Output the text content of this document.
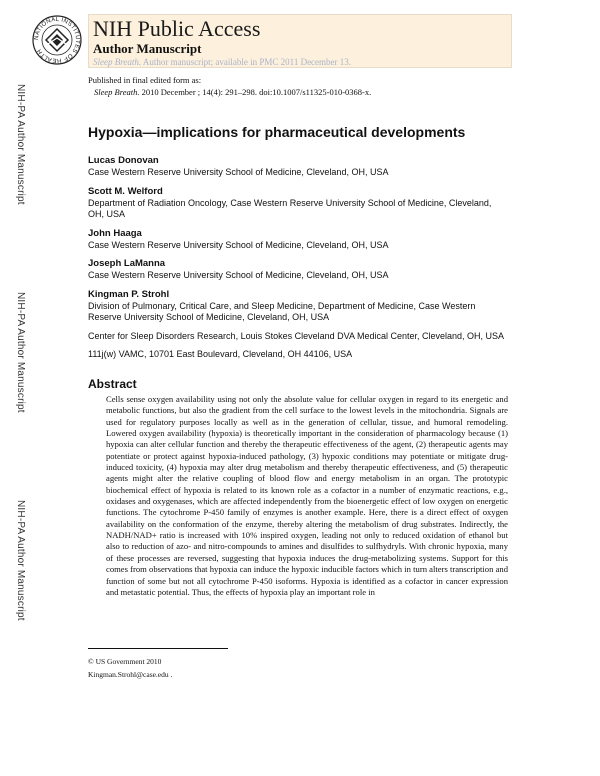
NATIONAL INSTITUTES OF HEALTH
NIH Public Access
Author Manuscript
Sleep Breath. Author manuscript; available in PMC 2011 December 13.
Published in final edited form as:
Sleep Breath. 2010 December ; 14(4): 291–298. doi:10.1007/s11325-010-0368-x.
NIH-PA Author Manuscript
NIH-PA Author Manuscript
NIH-PA Author Manuscript
Hypoxia—implications for pharmaceutical developments
Lucas Donovan
Case Western Reserve University School of Medicine, Cleveland, OH, USA
Scott M. Welford
Department of Radiation Oncology, Case Western Reserve University School of Medicine, Cleveland, OH, USA
John Haaga
Case Western Reserve University School of Medicine, Cleveland, OH, USA
Joseph LaManna
Case Western Reserve University School of Medicine, Cleveland, OH, USA
Kingman P. Strohl
Division of Pulmonary, Critical Care, and Sleep Medicine, Department of Medicine, Case Western Reserve University School of Medicine, Cleveland, OH, USA
Center for Sleep Disorders Research, Louis Stokes Cleveland DVA Medical Center, Cleveland, OH, USA
111j(w) VAMC, 10701 East Boulevard, Cleveland, OH 44106, USA
Abstract
Cells sense oxygen availability using not only the absolute value for cellular oxygen in regard to its energetic and metabolic functions, but also the gradient from the cell surface to the lowest levels in the mitochondria. Signals are used for regulatory purposes locally as well as in the generation of cellular, tissue, and humoral remodeling. Lowered oxygen availability (hypoxia) is theoretically important in the consideration of pharmacology because (1) hypoxia can alter cellular function and thereby the therapeutic effectiveness of the agent, (2) therapeutic agents may potentiate or protect against hypoxia-induced pathology, (3) hypoxic conditions may potentiate or mitigate drug-induced toxicity, (4) hypoxia may alter drug metabolism and thereby therapeutic effectiveness, and (5) therapeutic agents might alter the relative coupling of blood flow and energy metabolism in an organ. The prototypic biochemical effect of hypoxia is related to its known role as a cofactor in a number of enzymatic reactions, e.g., oxidases and oxygenases, which are affected independently from the bioenergetic effect of low oxygen on energetic functions. The cytochrome P-450 family of enzymes is another example. Here, there is a direct effect of oxygen availability on the conformation of the enzyme, thereby altering the metabolism of drug substrates. Indirectly, the NADH/NAD+ ratio is increased with 10% inspired oxygen, leading not only to reduced oxidation of ethanol but also to reduction of azo- and nitro-compounds to amines and disulfides to sulfhydryls. With chronic hypoxia, many of these processes are reversed, suggesting that hypoxia induces the drug-metabolizing systems. Support for this comes from observations that hypoxia can induce the hypoxic inducible factors which in turn alters transcription and function of some but not all cytochrome P-450 isoforms. Hypoxia is identified as a cofactor in cancer expression and metastatic potential. Thus, the effects of hypoxia play an important role in
© US Government 2010
Kingman.Strohl@case.edu .
